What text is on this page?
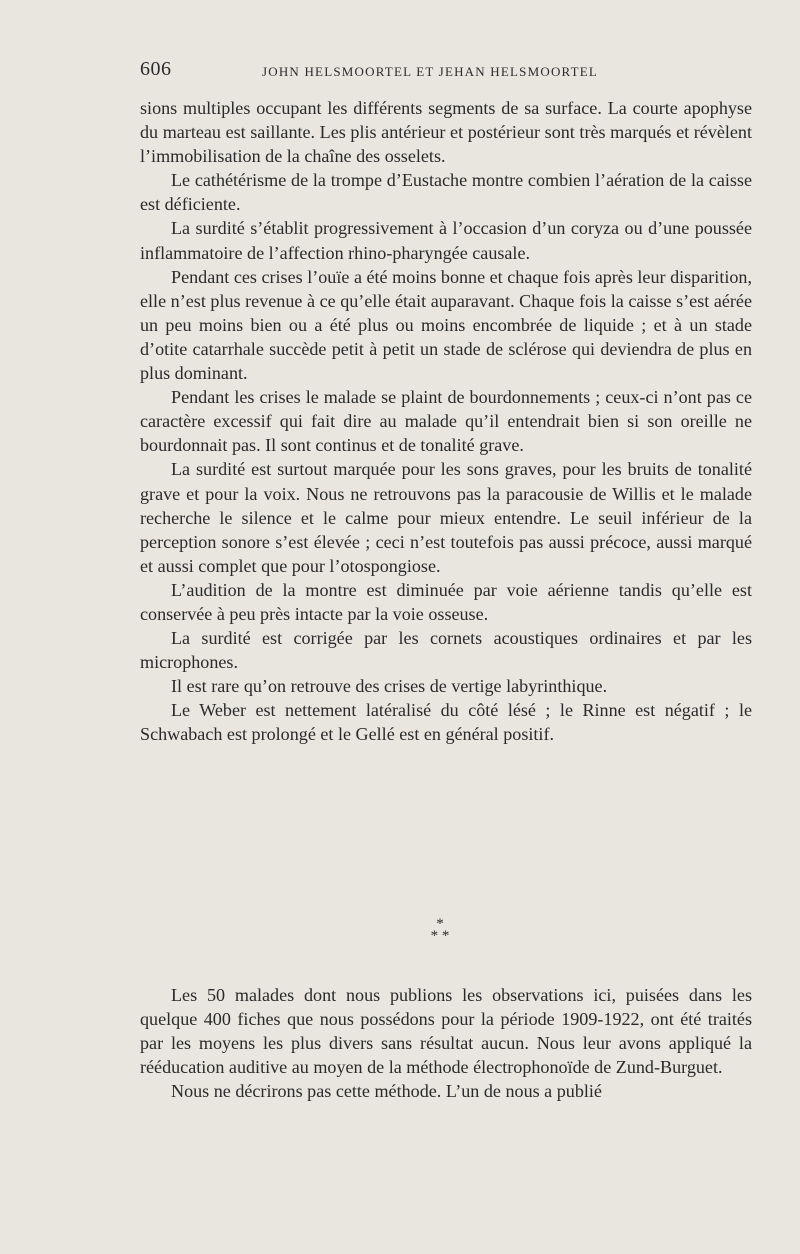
606	JOHN HELSMOORTEL ET JEHAN HELSMOORTEL

sions multiples occupant les différents segments de sa surface. La courte apophyse du marteau est saillante. Les plis antérieur et postérieur sont très marqués et révèlent l’immobilisation de la chaîne des osselets.

Le cathétérisme de la trompe d’Eustache montre combien l’aération de la caisse est déficiente.

La surdité s’établit progressivement à l’occasion d’un coryza ou d’une poussée inflammatoire de l’affection rhino-pharyngée causale.

Pendant ces crises l’ouïe a été moins bonne et chaque fois après leur disparition, elle n’est plus revenue à ce qu’elle était auparavant. Chaque fois la caisse s’est aérée un peu moins bien ou a été plus ou moins encombrée de liquide ; et à un stade d’otite catarrhale succède petit à petit un stade de sclérose qui deviendra de plus en plus dominant.

Pendant les crises le malade se plaint de bourdonnements ; ceux-ci n’ont pas ce caractère excessif qui fait dire au malade qu’il entendrait bien si son oreille ne bourdonnait pas. Il sont continus et de tonalité grave.

La surdité est surtout marquée pour les sons graves, pour les bruits de tonalité grave et pour la voix. Nous ne retrouvons pas la paracousie de Willis et le malade recherche le silence et le calme pour mieux entendre. Le seuil inférieur de la perception sonore s’est élevée ; ceci n’est toutefois pas aussi précoce, aussi marqué et aussi complet que pour l’otospongiose.

L’audition de la montre est diminuée par voie aérienne tandis qu’elle est conservée à peu près intacte par la voie osseuse.

La surdité est corrigée par les cornets acoustiques ordinaires et par les microphones.

Il est rare qu’on retrouve des crises de vertige labyrinthique.

Le Weber est nettement latéralisé du côté lésé ; le Rinne est négatif ; le Schwabach est prolongé et le Gellé est en général positif.

*
* *

Les 50 malades dont nous publions les observations ici, puisées dans les quelque 400 fiches que nous possédons pour la période 1909-1922, ont été traités par les moyens les plus divers sans résultat aucun. Nous leur avons appliqué la rééducation auditive au moyen de la méthode électrophonoïde de Zund-Burguet.

Nous ne décrirons pas cette méthode. L’un de nous a publié
